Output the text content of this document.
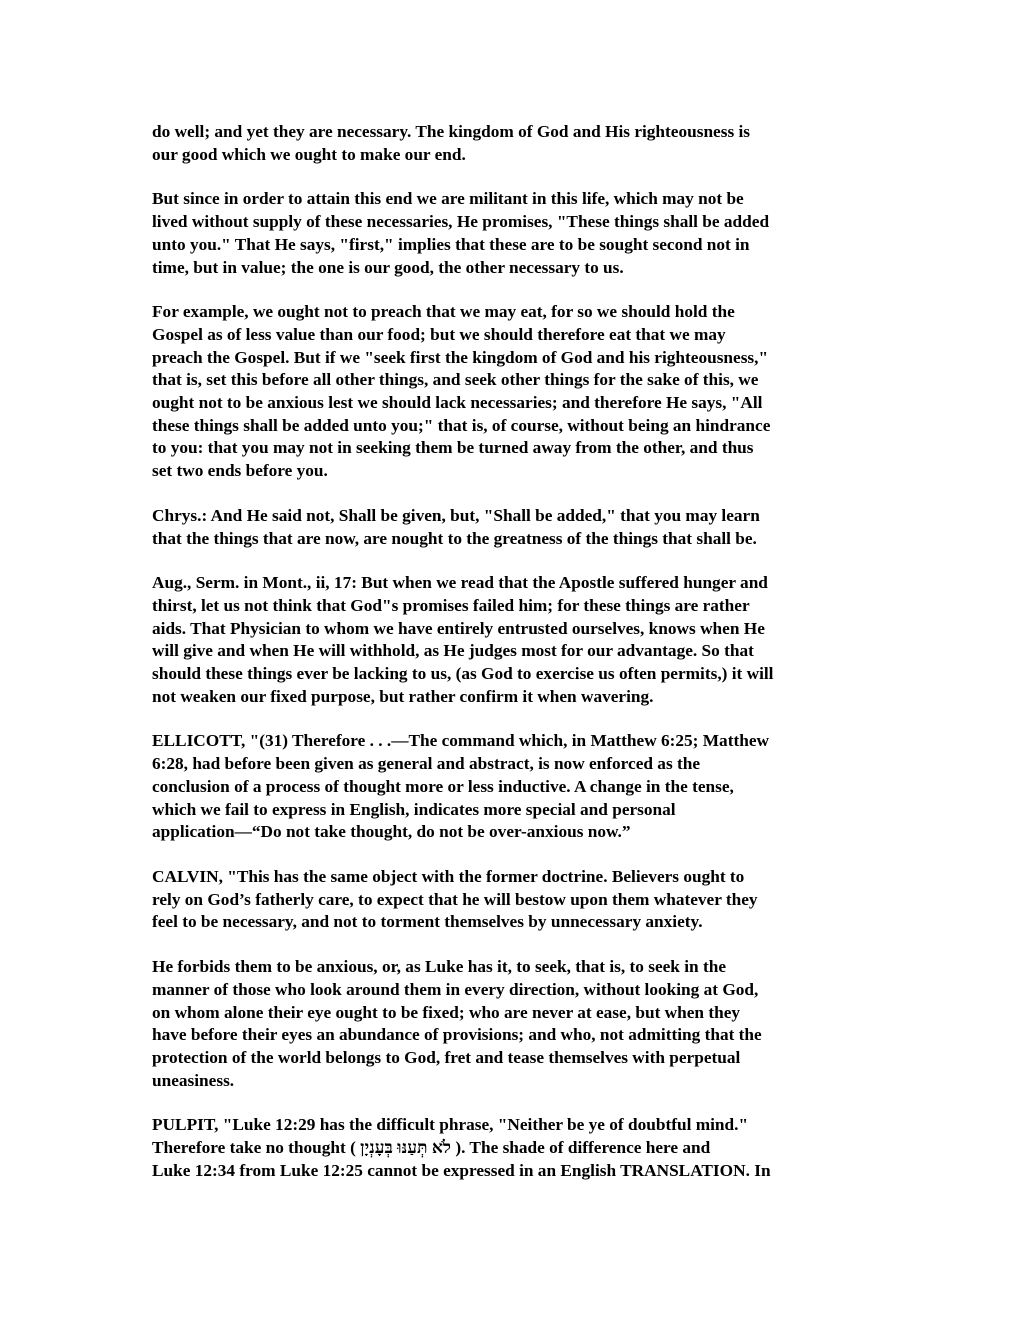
do well; and yet they are necessary. The kingdom of God and His righteousness is
our good which we ought to make our end.

But since in order to attain this end we are militant in this life, which may not be
lived without supply of these necessaries, He promises, "These things shall be added
unto you." That He says, "first," implies that these are to be sought second not in
time, but in value; the one is our good, the other necessary to us.

For example, we ought not to preach that we may eat, for so we should hold the
Gospel as of less value than our food; but we should therefore eat that we may
preach the Gospel. But if we "seek first the kingdom of God and his righteousness,"
that is, set this before all other things, and seek other things for the sake of this, we
ought not to be anxious lest we should lack necessaries; and therefore He says, "All
these things shall be added unto you;" that is, of course, without being an hindrance
to you: that you may not in seeking them be turned away from the other, and thus
set two ends before you.

Chrys.: And He said not, Shall be given, but, "Shall be added," that you may learn
that the things that are now, are nought to the greatness of the things that shall be.

Aug., Serm. in Mont., ii, 17: But when we read that the Apostle suffered hunger and
thirst, let us not think that God"s promises failed him; for these things are rather
aids. That Physician to whom we have entirely entrusted ourselves, knows when He
will give and when He will withhold, as He judges most for our advantage. So that
should these things ever be lacking to us, (as God to exercise us often permits,) it will
not weaken our fixed purpose, but rather confirm it when wavering.

ELLICOTT, "(31) Therefore . . .—The command which, in Matthew 6:25; Matthew
6:28, had before been given as general and abstract, is now enforced as the
conclusion of a process of thought more or less inductive. A change in the tense,
which we fail to express in English, indicates more special and personal
application—“Do not take thought, do not be over-anxious now.”

CALVIN, "This has the same object with the former doctrine. Believers ought to
rely on God’s fatherly care, to expect that he will bestow upon them whatever they
feel to be necessary, and not to torment themselves by unnecessary anxiety.

He forbids them to be anxious, or, as Luke has it, to seek, that is, to seek in the
manner of those who look around them in every direction, without looking at God,
on whom alone their eye ought to be fixed; who are never at ease, but when they
have before their eyes an abundance of provisions; and who, not admitting that the
protection of the world belongs to God, fret and tease themselves with perpetual
uneasiness.

PULPIT, "Luke 12:29 has the difficult phrase, "Neither be ye of doubtful mind."
Therefore take no thought ( לֹא תְּעַנּוּ בְּעָנְיָן ). The shade of difference here and
Luke 12:34 from Luke 12:25 cannot be expressed in an English TRANSLATION. In
